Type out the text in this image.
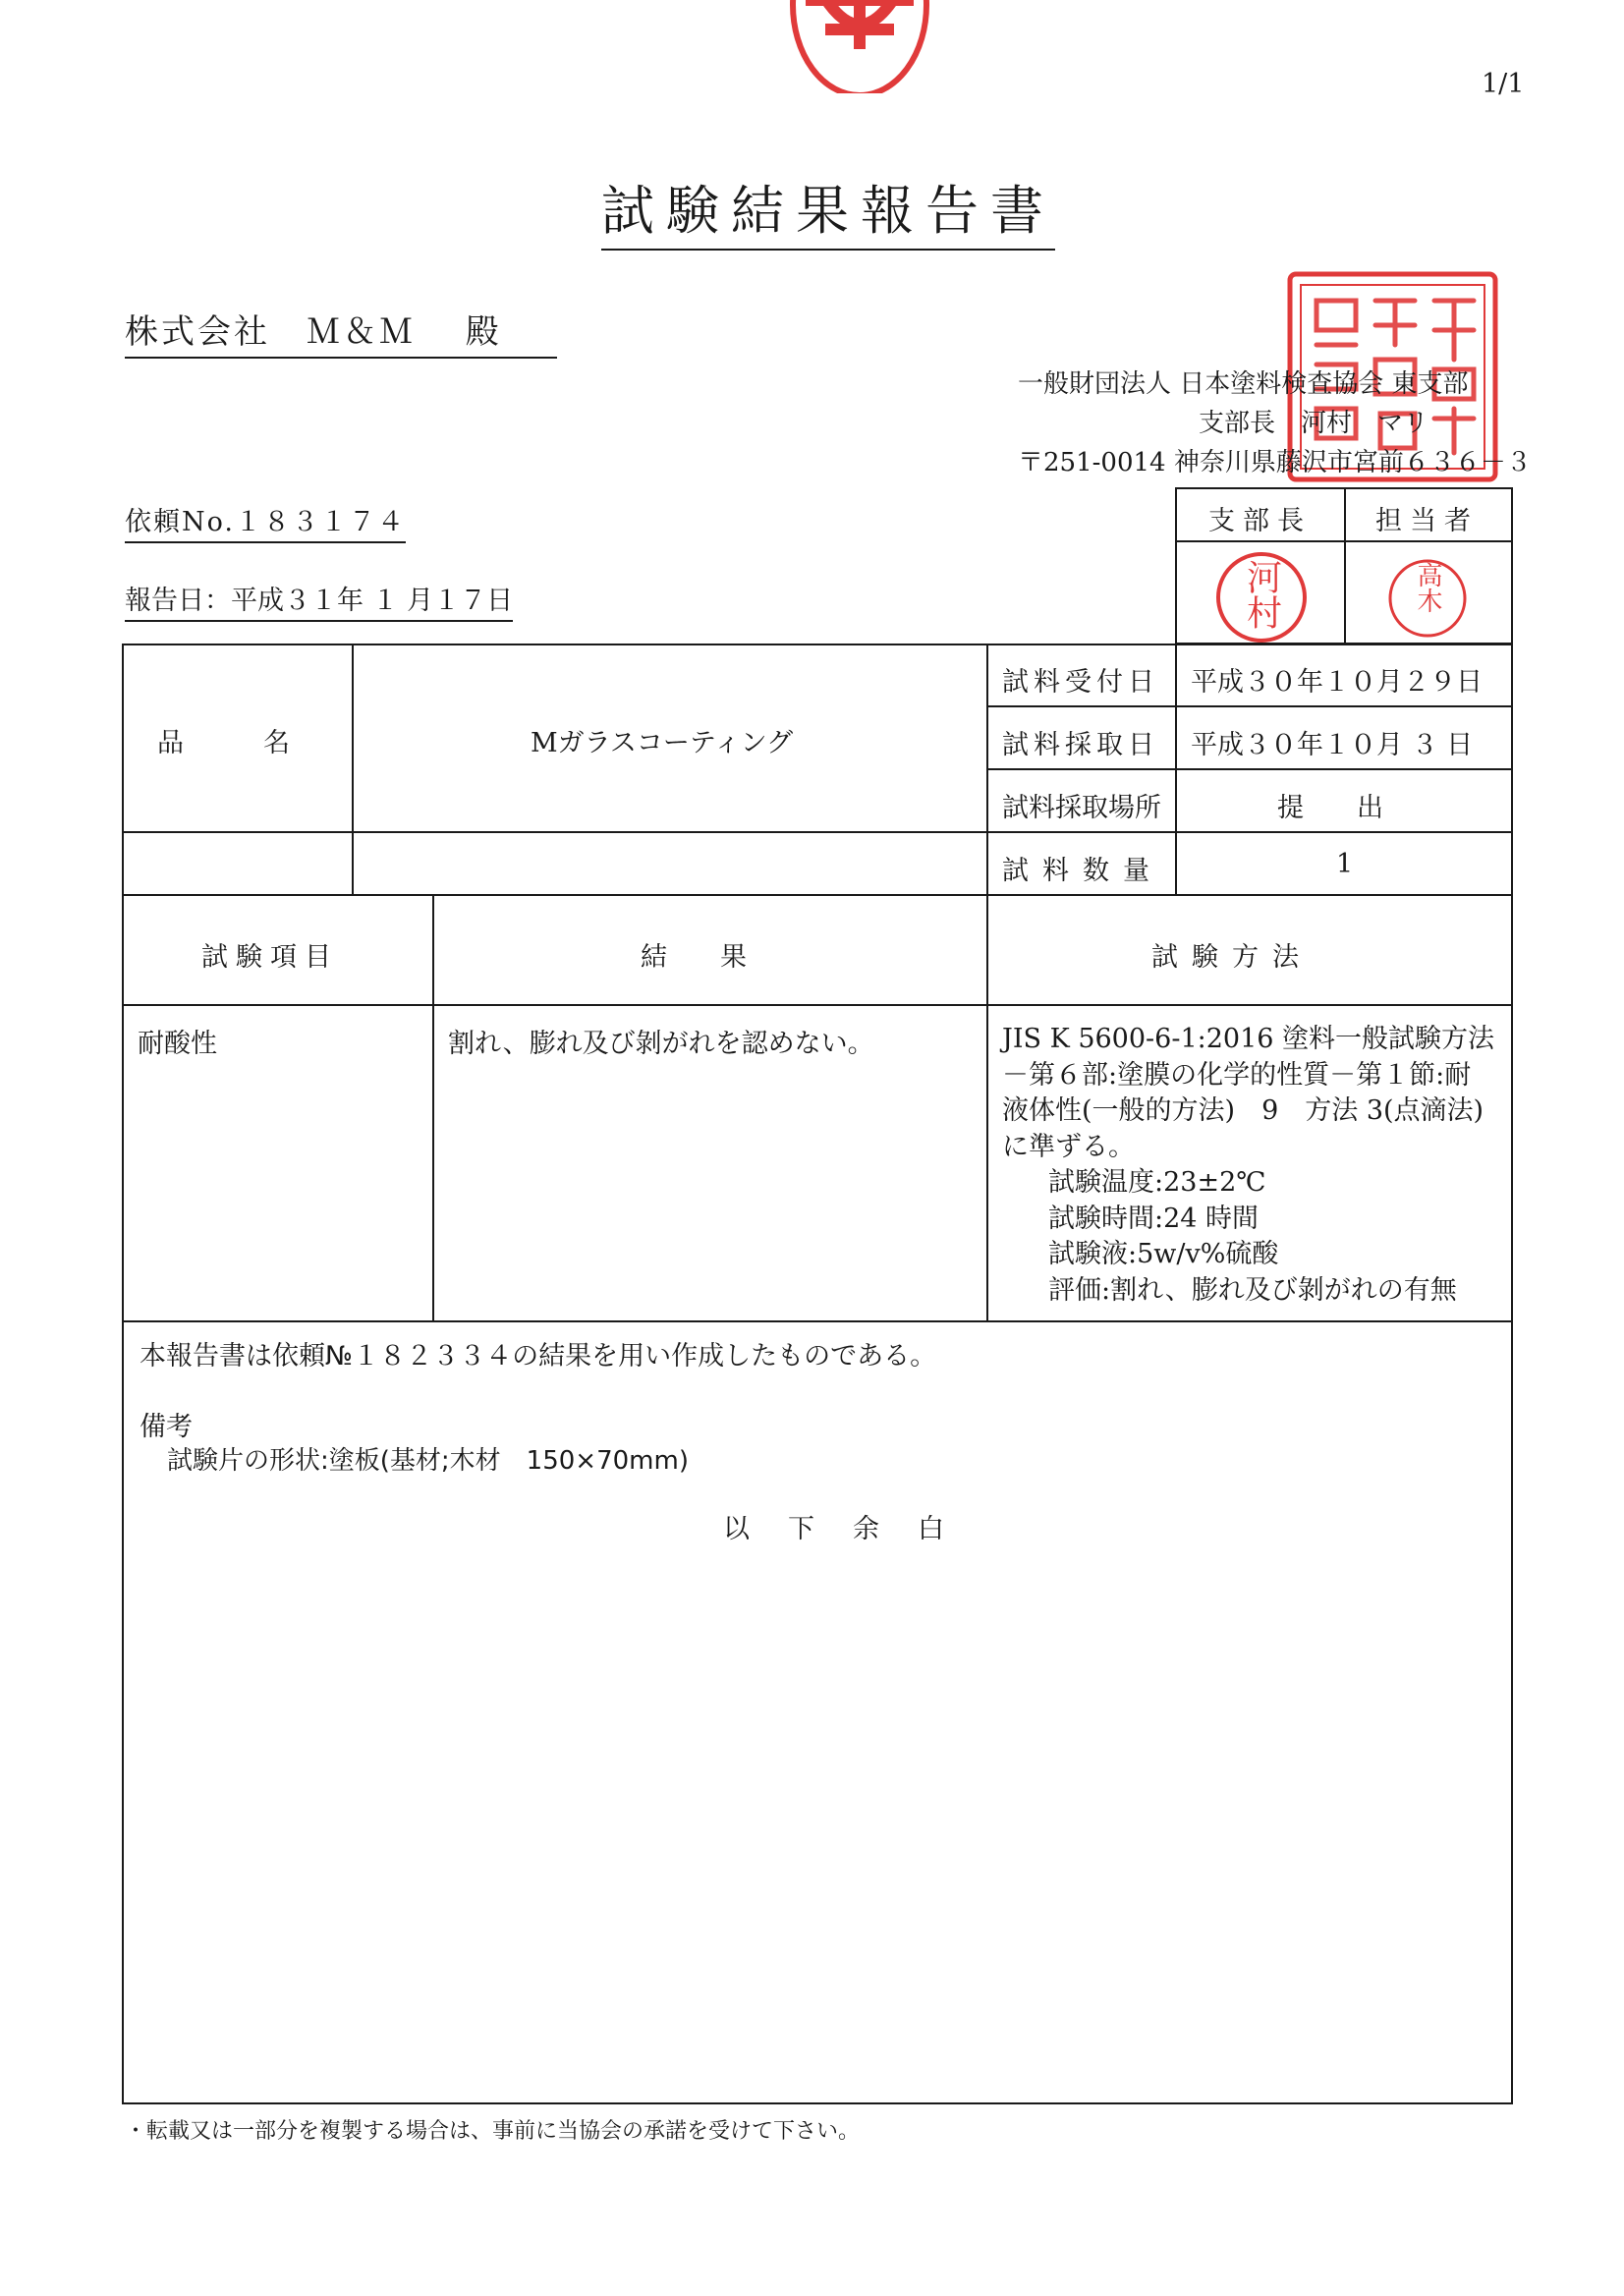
1/1
試験結果報告書
株式会社　Ｍ＆Ｍ　 殿
一般財団法人 日本塗料検査協会 東支部
支部長　河村　マリ
〒251-0014 神奈川県藤沢市宮前６３６－３
依頼No.１８３１７４
報告日：平成３１年 １ 月１７日
支部長 担当者
河村	高木
品　　　名	Mガラスコーティング
試料受付日 平成３０年１０月２９日
試料採取日 平成３０年１０月 ３ 日
試料採取場所	提　　出
試料数量	1
試験項目	結　　果	試験方法
耐酸性	割れ、膨れ及び剝がれを認めない。	JIS K 5600-6-1:2016 塗料一般試験方法
－第６部:塗膜の化学的性質－第１節:耐
液体性(一般的方法)　9　方法 3(点滴法)
に準ずる。
　試験温度:23±2℃
　試験時間:24 時間
　試験液:5w/v%硫酸
　評価:割れ、膨れ及び剝がれの有無
本報告書は依頼№１８２３３４の結果を用い作成したものである。
備考
試験片の形状:塗板(基材;木材　150×70mm)
以　下　余　白
・転載又は一部分を複製する場合は、事前に当協会の承諾を受けて下さい。
